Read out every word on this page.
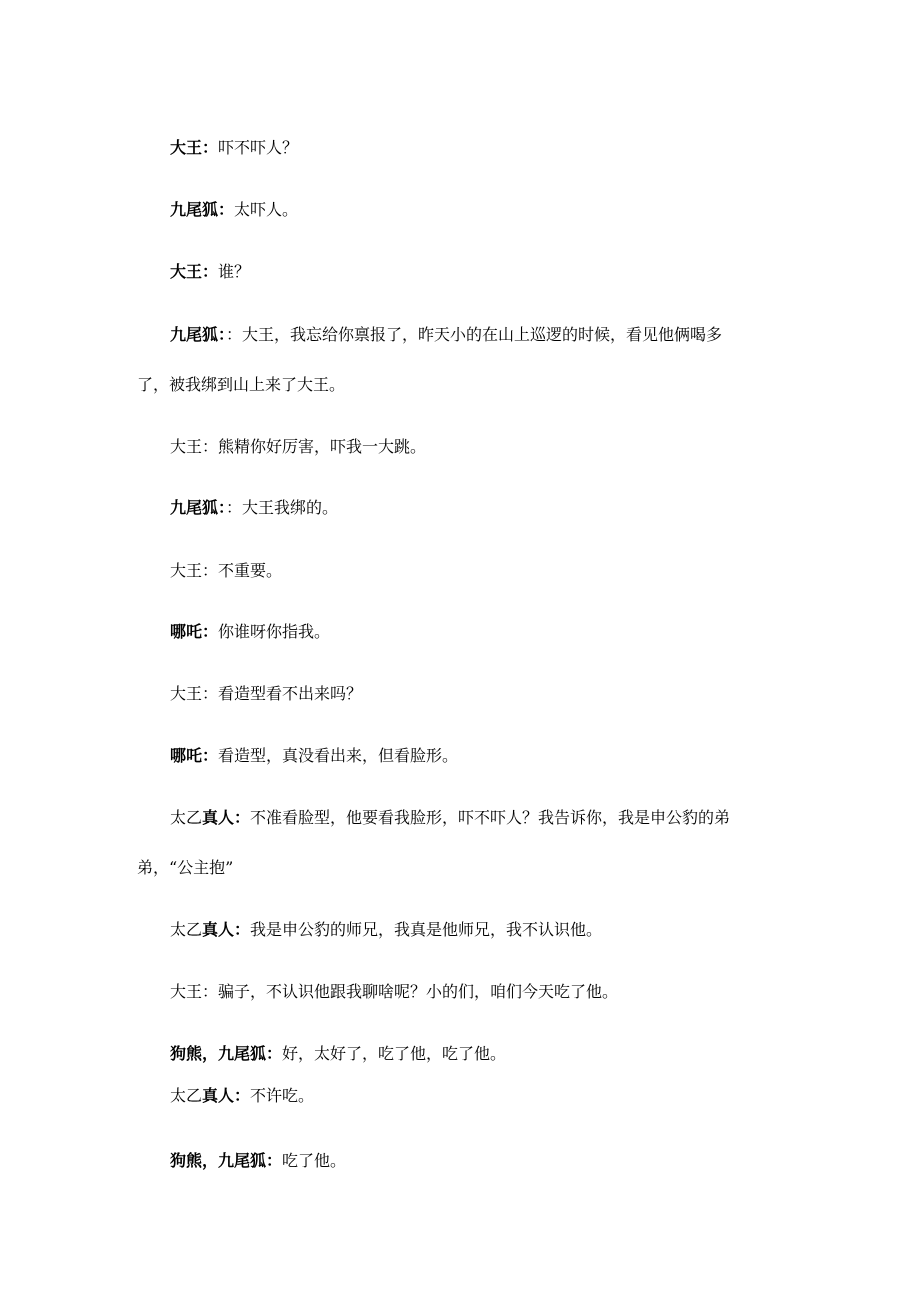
大王：吓不吓人？
九尾狐：太吓人。
大王：谁？
九尾狐：：大王，我忘给你禀报了，昨天小的在山上巡逻的时候，看见他俩喝多
了，被我绑到山上来了大王。
大王：熊精你好厉害，吓我一大跳。
九尾狐：：大王我绑的。
大王：不重要。
哪吒：你谁呀你指我。
大王：看造型看不出来吗？
哪吒：看造型，真没看出来，但看脸形。
太乙真人：不准看脸型，他要看我脸形，吓不吓人？我告诉你，我是申公豹的弟
弟，“公主抱”
太乙真人：我是申公豹的师兄，我真是他师兄，我不认识他。
大王：骗子，不认识他跟我聊啥呢？小的们，咱们今天吃了他。
狗熊，九尾狐：好，太好了，吃了他，吃了他。
太乙真人：不许吃。
狗熊，九尾狐：吃了他。
